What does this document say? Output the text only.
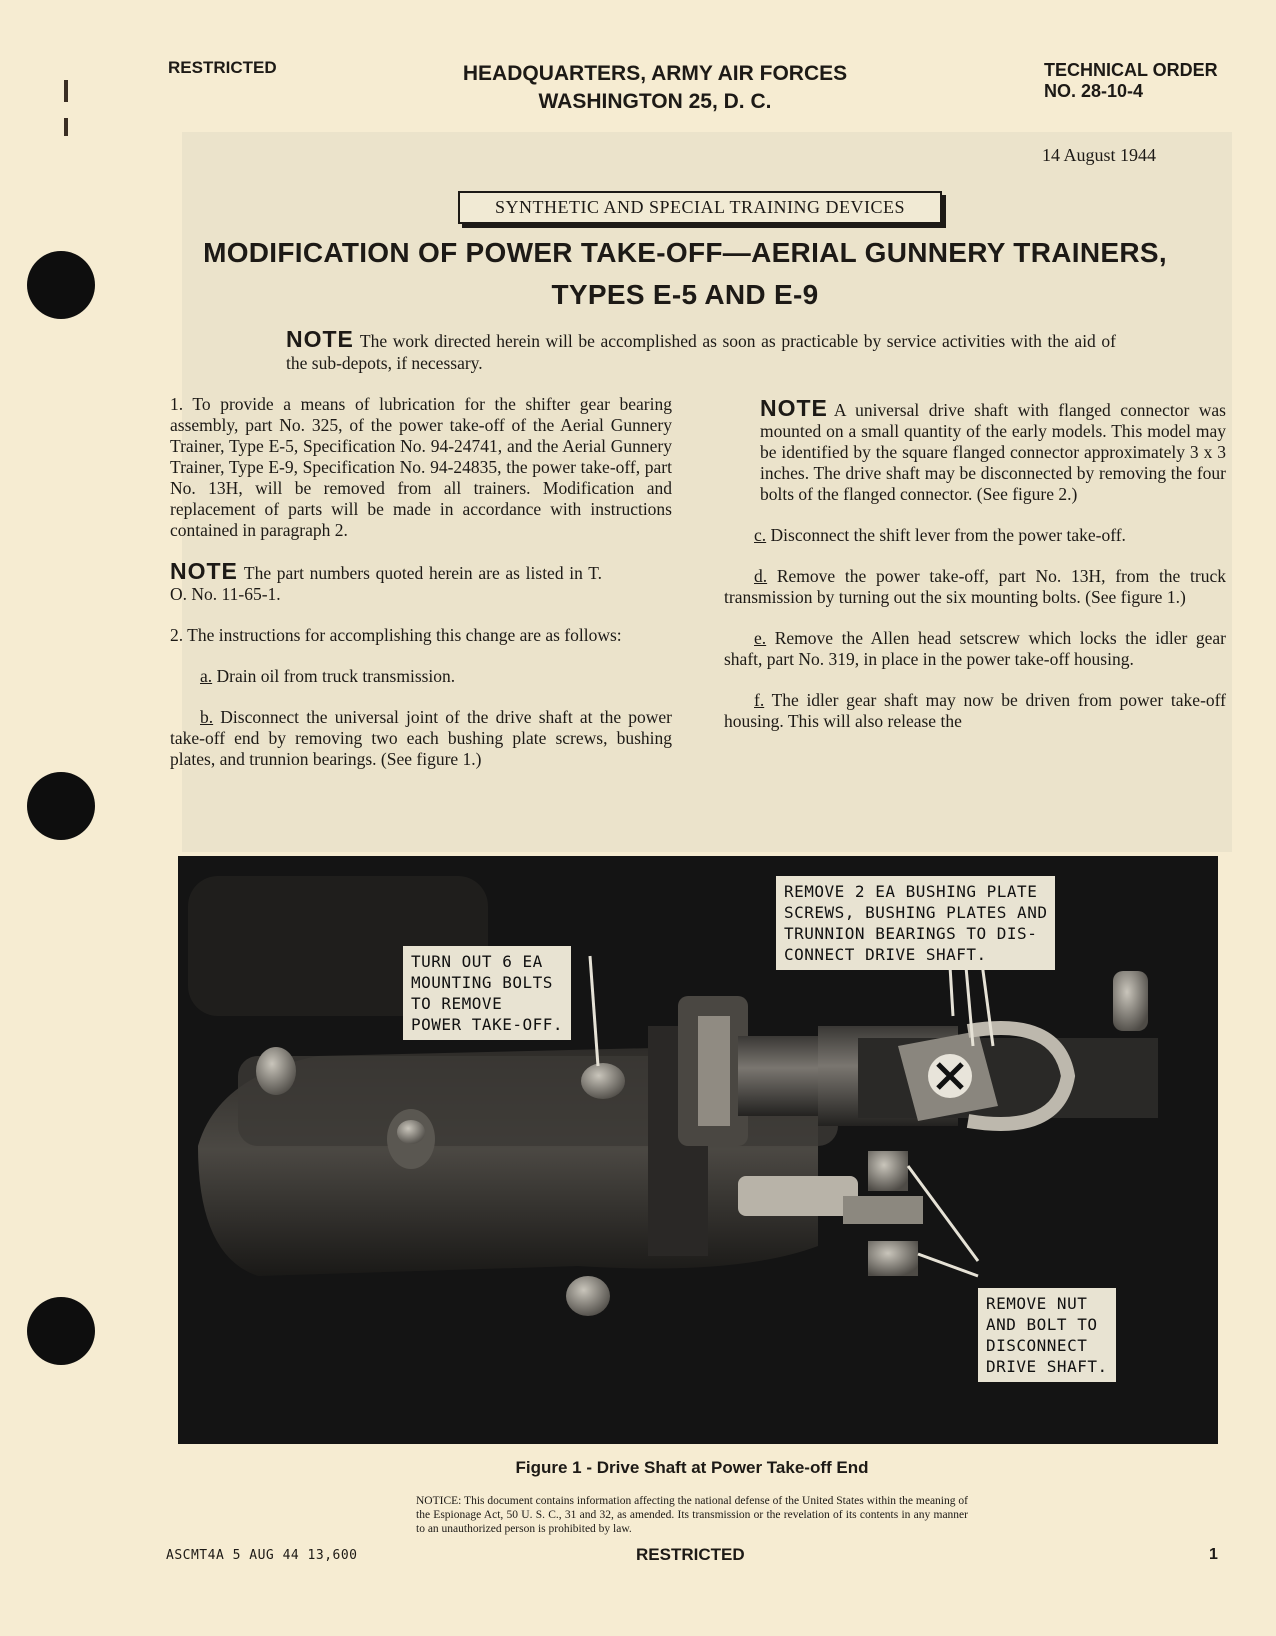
RESTRICTED	HEADQUARTERS, ARMY AIR FORCES
WASHINGTON 25, D. C.
TECHNICAL ORDER
NO. 28-10-4
14 August 1944
SYNTHETIC AND SPECIAL TRAINING DEVICES
MODIFICATION OF POWER TAKE-OFF—AERIAL GUNNERY TRAINERS,
TYPES E-5 AND E-9
NOTE The work directed herein will be accomplished as soon as practicable by service activities with the aid of the sub-depots, if necessary.

1. To provide a means of lubrication for the shifter gear bearing assembly, part No. 325, of the power take-off of the Aerial Gunnery Trainer, Type E-5, Specification No. 94-24741, and the Aerial Gunnery Trainer, Type E-9, Specification No. 94-24835, the power take-off, part No. 13H, will be removed from all trainers. Modification and replacement of parts will be made in accordance with instructions contained in paragraph 2.

NOTE The part numbers quoted herein are as listed in T. O. No. 11-65-1.

2. The instructions for accomplishing this change are as follows:

a. Drain oil from truck transmission.

b. Disconnect the universal joint of the drive shaft at the power take-off end by removing two each bushing plate screws, bushing plates, and trunnion bearings. (See figure 1.)

NOTE A universal drive shaft with flanged connector was mounted on a small quantity of the early models. This model may be identified by the square flanged connector approximately 3 x 3 inches. The drive shaft may be disconnected by removing the four bolts of the flanged connector. (See figure 2.)

c. Disconnect the shift lever from the power take-off.

d. Remove the power take-off, part No. 13H, from the truck transmission by turning out the six mounting bolts. (See figure 1.)

e. Remove the Allen head setscrew which locks the idler gear shaft, part No. 319, in place in the power take-off housing.

f. The idler gear shaft may now be driven from power take-off housing. This will also release the

REMOVE 2 EA BUSHING PLATE
SCREWS, BUSHING PLATES AND
TRUNNION BEARINGS TO DIS-
CONNECT DRIVE SHAFT.
TURN OUT 6 EA
MOUNTING BOLTS
TO REMOVE
POWER TAKE-OFF.
REMOVE NUT
AND BOLT TO
DISCONNECT
DRIVE SHAFT.
Figure 1 - Drive Shaft at Power Take-off End
NOTICE: This document contains information affecting the national defense of the United States within the meaning of the Espionage Act, 50 U. S. C., 31 and 32, as amended. Its transmission or the revelation of its contents in any manner to an unauthorized person is prohibited by law.
ASCMT4A 5 AUG 44 13,600	RESTRICTED	1
